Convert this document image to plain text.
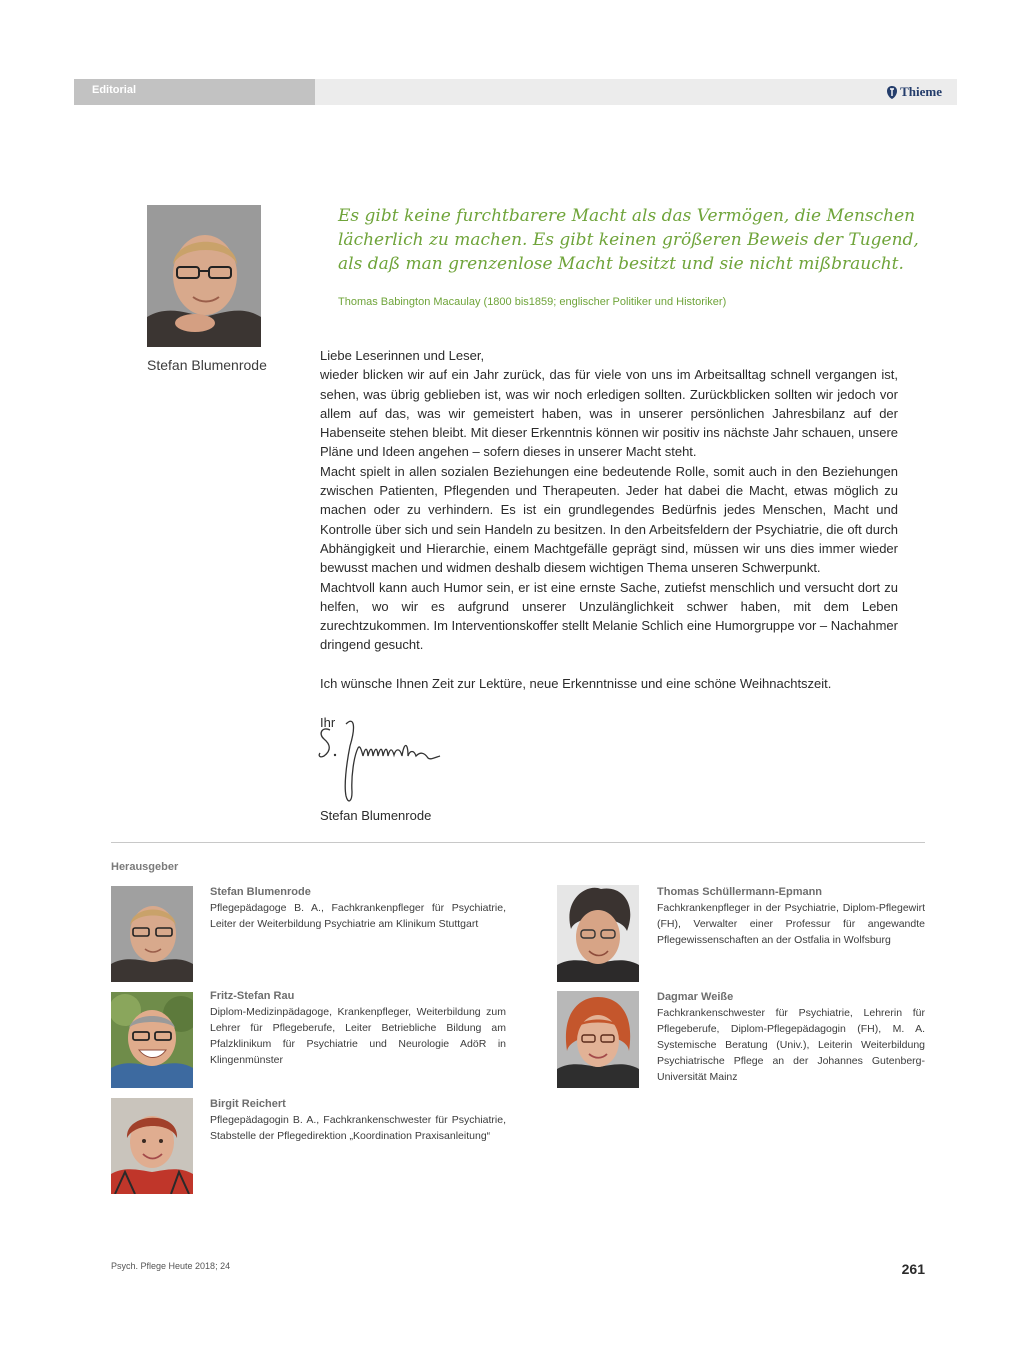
Editorial	Thieme
Stefan Blumenrode

Es gibt keine furchtbarere Macht als das Vermögen, die Menschen
lächerlich zu machen. Es gibt keinen größeren Beweis der Tugend,
als daß man grenzenlose Macht besitzt und sie nicht mißbraucht.

Thomas Babington Macaulay (1800 bis1859; englischer Politiker und Historiker)

Liebe Leserinnen und Leser,

wieder blicken wir auf ein Jahr zurück, das für viele von uns im Arbeitsalltag schnell vergangen ist, sehen, was übrig geblieben ist, was wir noch erledigen sollten. Zurückblicken sollten wir jedoch vor allem auf das, was wir gemeistert haben, was in unserer persönlichen Jahresbilanz auf der Habenseite stehen bleibt. Mit dieser Erkenntnis können wir positiv ins nächste Jahr schauen, unsere Pläne und Ideen angehen – sofern dieses in unserer Macht steht.

Macht spielt in allen sozialen Beziehungen eine bedeutende Rolle, somit auch in den Beziehungen zwischen Patienten, Pflegenden und Therapeuten. Jeder hat dabei die Macht, etwas möglich zu machen oder zu verhindern. Es ist ein grundlegendes Bedürfnis jedes Menschen, Macht und Kontrolle über sich und sein Handeln zu besitzen. In den Arbeitsfeldern der Psychiatrie, die oft durch Abhängigkeit und Hierarchie, einem Machtgefälle geprägt sind, müssen wir uns dies immer wieder bewusst machen und widmen deshalb diesem wichtigen Thema unseren Schwerpunkt.

Machtvoll kann auch Humor sein, er ist eine ernste Sache, zutiefst menschlich und versucht dort zu helfen, wo wir es aufgrund unserer Unzulänglichkeit schwer haben, mit dem Leben zurechtzukommen. Im Interventionskoffer stellt Melanie Schlich eine Humorgruppe vor – Nachahmer dringend gesucht.

Ich wünsche Ihnen Zeit zur Lektüre, neue Erkenntnisse und eine schöne Weihnachtszeit.

Ihr

Stefan Blumenrode
Herausgeber
Stefan Blumenrode
Pflegepädagoge B. A., Fachkrankenpfleger für Psychiatrie, Leiter der Weiterbildung Psychiatrie am Klinikum Stuttgart
Thomas Schüllermann-Epmann
Fachkrankenpfleger in der Psychiatrie, Diplom-Pflegewirt (FH), Verwalter einer Professur für angewandte Pflegewissenschaften an der Ostfalia in Wolfsburg
Fritz-Stefan Rau
Diplom-Medizinpädagoge, Krankenpfleger, Weiterbildung zum Lehrer für Pflegeberufe, Leiter Betriebliche Bildung am Pfalzklinikum für Psychiatrie und Neurologie AdöR in Klingenmünster
Dagmar Weiße
Fachkrankenschwester für Psychiatrie, Lehrerin für Pflegeberufe, Diplom-Pflegepädagogin (FH), M. A. Systemische Beratung (Univ.), Leiterin Weiterbildung Psychiatrische Pflege an der Johannes Gutenberg-Universität Mainz
Birgit Reichert
Pflegepädagogin B. A., Fachkrankenschwester für Psychiatrie, Stabstelle der Pflegedirektion „Koordination Praxisanleitung“
Psych. Pflege Heute 2018; 24	261
